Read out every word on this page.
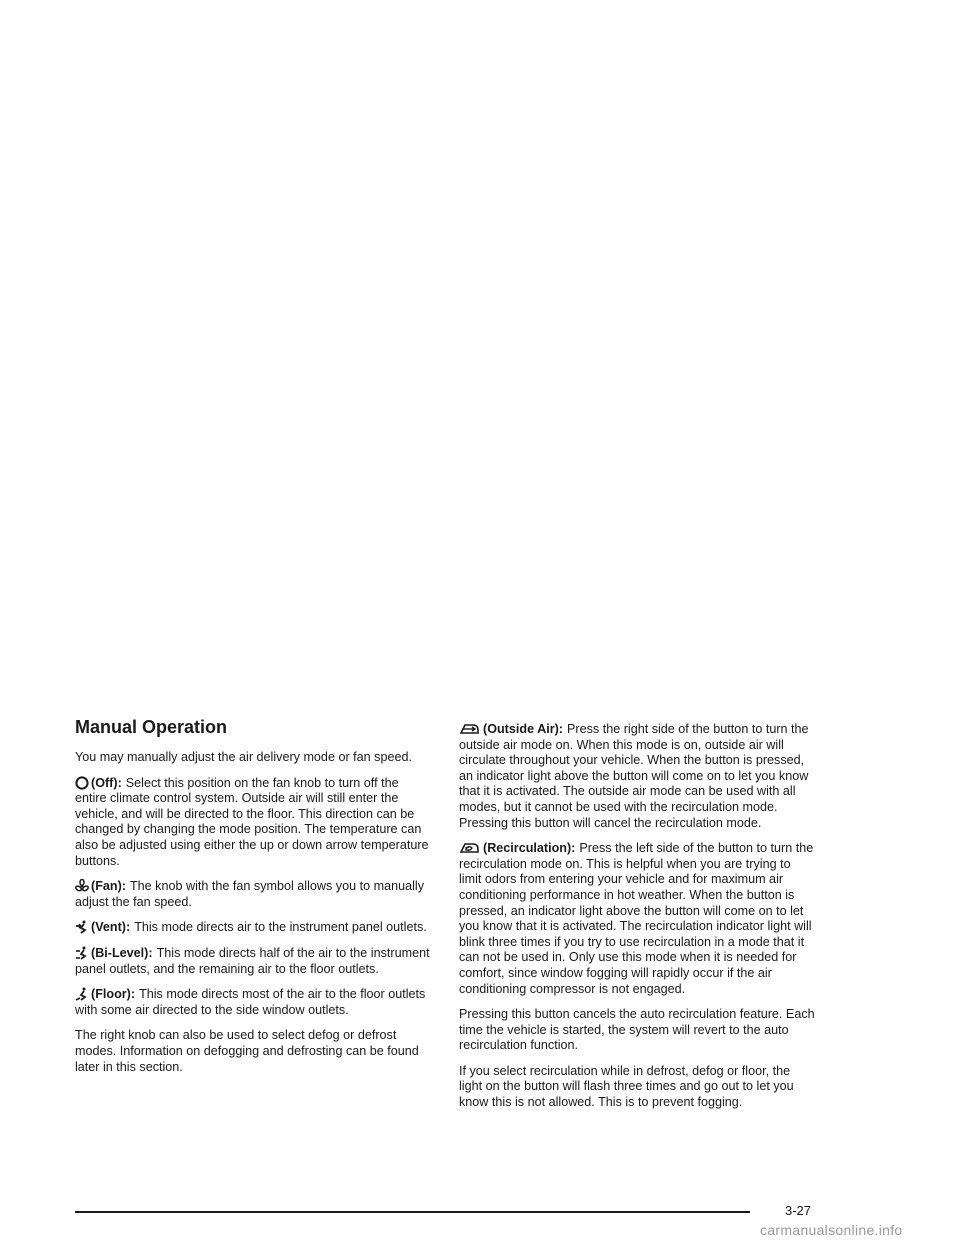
Manual Operation

You may manually adjust the air delivery mode or fan speed.

(Off): Select this position on the fan knob to turn off the entire climate control system. Outside air will still enter the vehicle, and will be directed to the floor. This direction can be changed by changing the mode position. The temperature can also be adjusted using either the up or down arrow temperature buttons.

(Fan): The knob with the fan symbol allows you to manually adjust the fan speed.

(Vent): This mode directs air to the instrument panel outlets.

(Bi-Level): This mode directs half of the air to the instrument panel outlets, and the remaining air to the floor outlets.

(Floor): This mode directs most of the air to the floor outlets with some air directed to the side window outlets.

The right knob can also be used to select defog or defrost modes. Information on defogging and defrosting can be found later in this section.

(Outside Air): Press the right side of the button to turn the outside air mode on. When this mode is on, outside air will circulate throughout your vehicle. When the button is pressed, an indicator light above the button will come on to let you know that it is activated. The outside air mode can be used with all modes, but it cannot be used with the recirculation mode. Pressing this button will cancel the recirculation mode.

(Recirculation): Press the left side of the button to turn the recirculation mode on. This is helpful when you are trying to limit odors from entering your vehicle and for maximum air conditioning performance in hot weather. When the button is pressed, an indicator light above the button will come on to let you know that it is activated. The recirculation indicator light will blink three times if you try to use recirculation in a mode that it can not be used in. Only use this mode when it is needed for comfort, since window fogging will rapidly occur if the air conditioning compressor is not engaged.

Pressing this button cancels the auto recirculation feature. Each time the vehicle is started, the system will revert to the auto recirculation function.

If you select recirculation while in defrost, defog or floor, the light on the button will flash three times and go out to let you know this is not allowed. This is to prevent fogging.

3-27
carmanualsonline.info
